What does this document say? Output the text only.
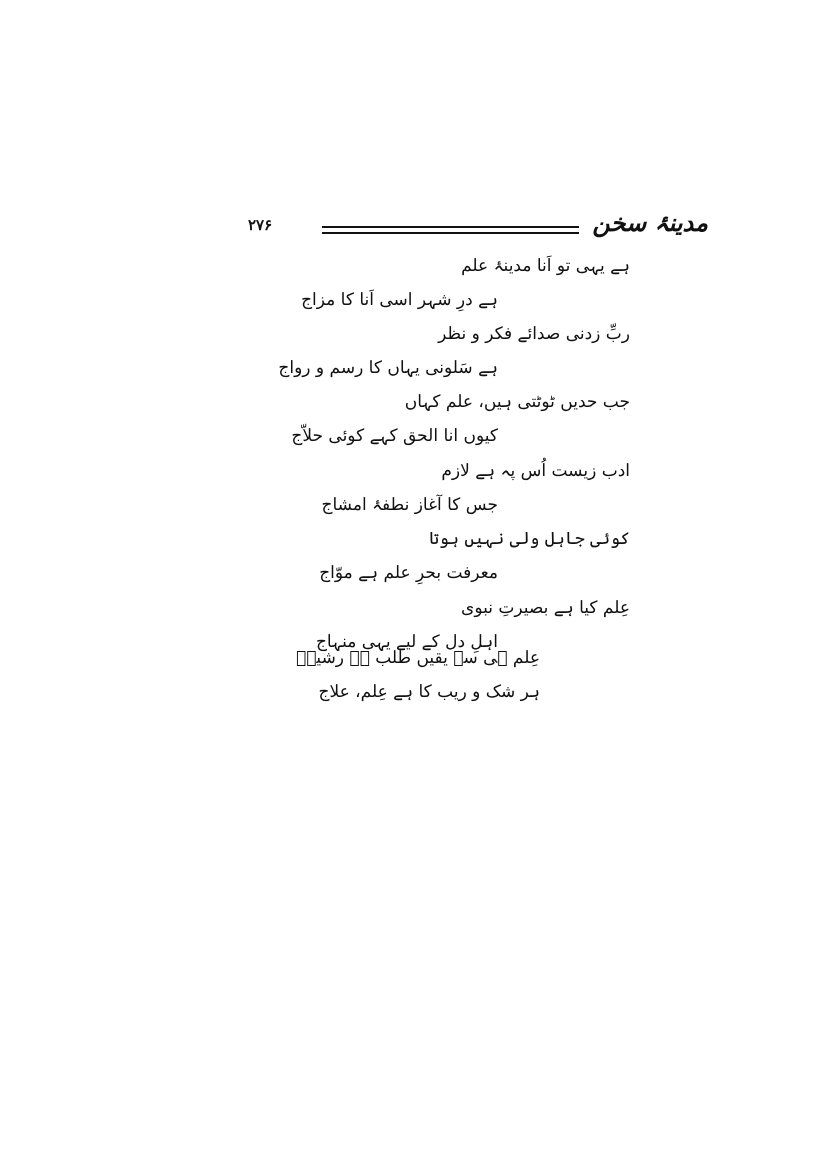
مدینۂ سخن
۲۷۶
ہے یہی تو اَنا مدینۂ علم
ہے درِ شہر اسی اَنا کا مزاج
ربِّ زدنی صدائے فکر و نظر
ہے سَلونی یہاں کا رسم و رواج
جب حدیں ٹوٹتی ہیں، علم کہاں
کیوں انا الحق کہے کوئی حلاّج
ادب زیست اُس پہ ہے لازم
جس کا آغاز نطفۂ امشاج
کوئی جاہل ولی نہیں ہوتا
معرفت بحرِ علم ہے موّاج
عِلم کیا ہے بصیرتِ نبوی
اہلِ دل کے لیے یہی منہاج
عِلم ہی سے یقیں طلب ہے رشیدؔ
ہر شک و ریب کا ہے عِلم، علاج
